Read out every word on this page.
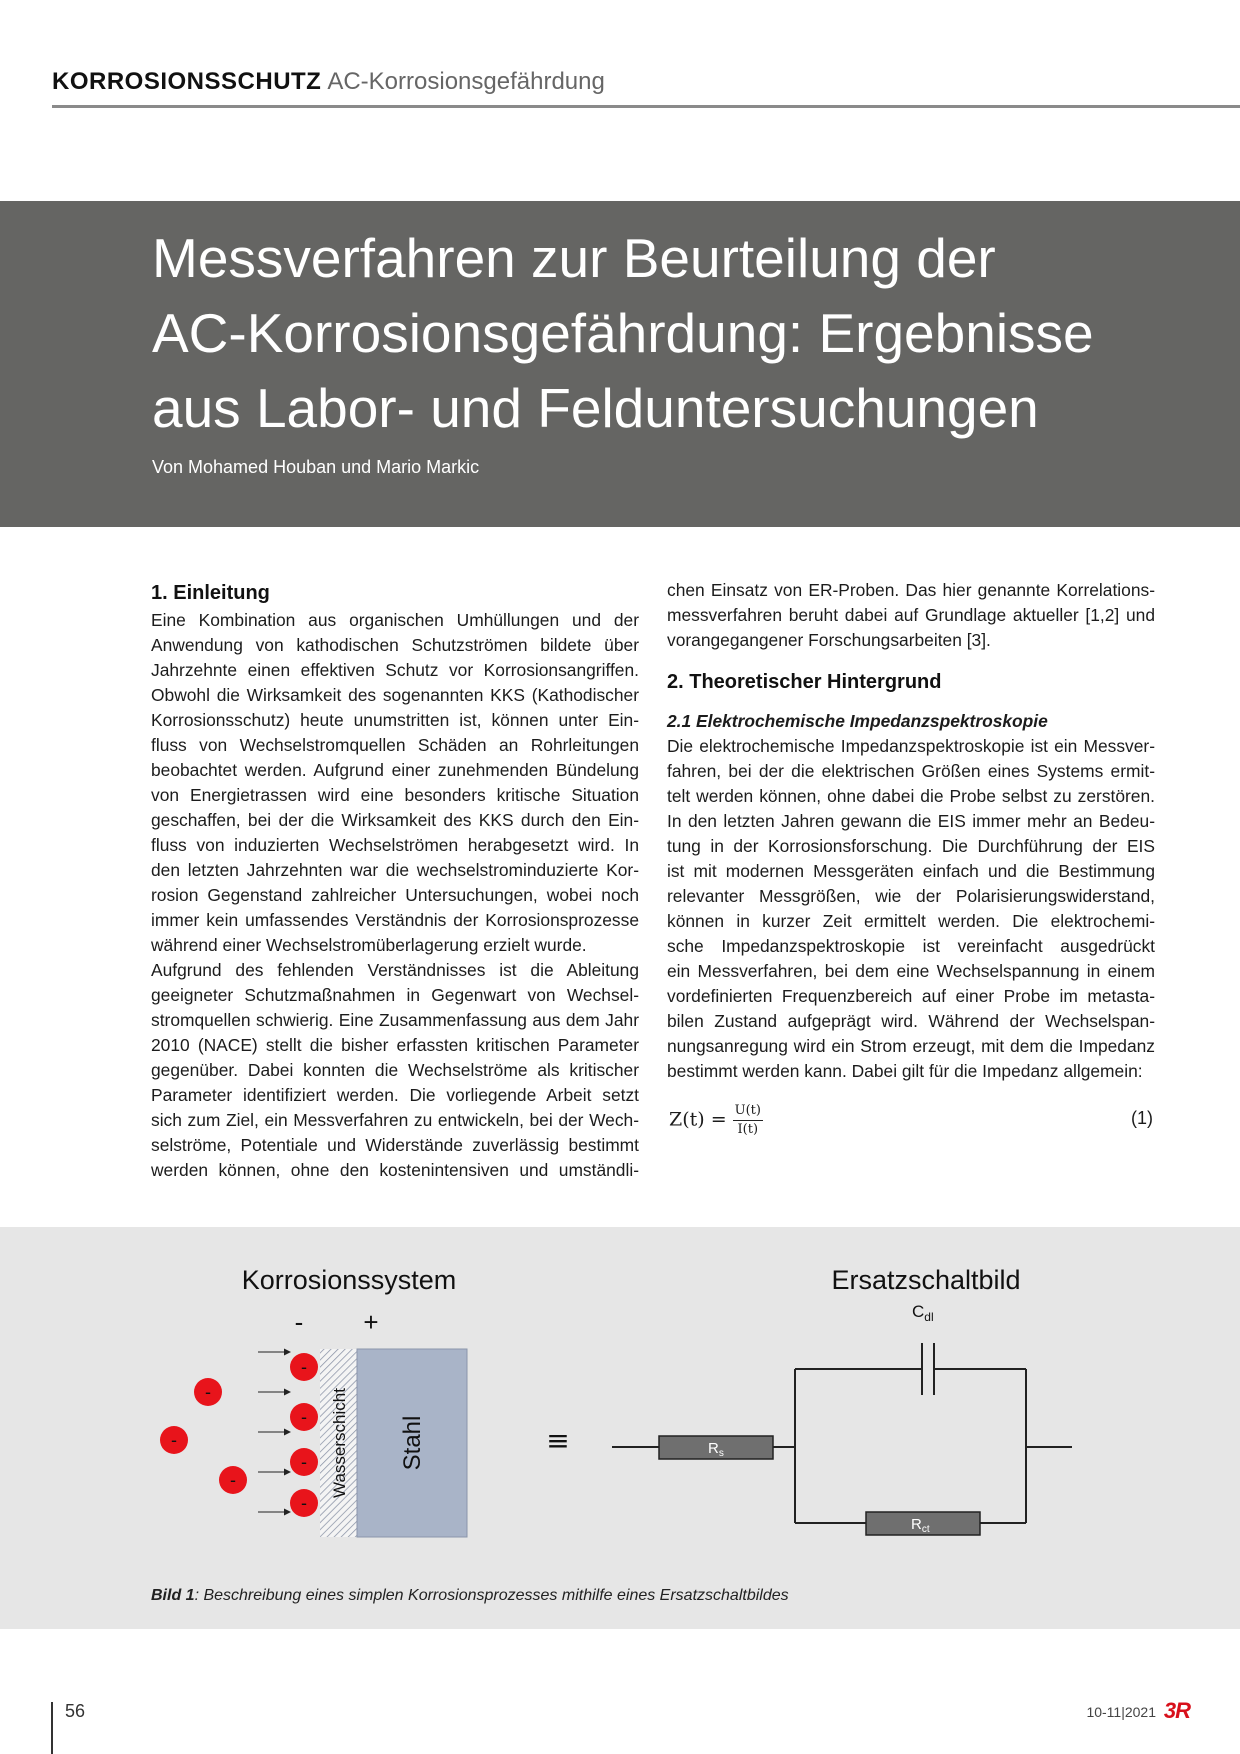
KORROSIONSSCHUTZ AC-Korrosionsgefährdung
Messverfahren zur Beurteilung der
AC-Korrosionsgefährdung: Ergebnisse
aus Labor- und Felduntersuchungen
Von Mohamed Houban und Mario Markic
1. Einleitung
Eine Kombination aus organischen Umhüllungen und der
Anwendung von kathodischen Schutzströmen bildete über
Jahrzehnte einen effektiven Schutz vor Korrosionsangriffen.
Obwohl die Wirksamkeit des sogenannten KKS (Kathodischer
Korrosionsschutz) heute unumstritten ist, können unter Ein-
fluss von Wechselstromquellen Schäden an Rohrleitungen
beobachtet werden. Aufgrund einer zunehmenden Bündelung
von Energietrassen wird eine besonders kritische Situation
geschaffen, bei der die Wirksamkeit des KKS durch den Ein-
fluss von induzierten Wechselströmen herabgesetzt wird. In
den letzten Jahrzehnten war die wechselstrominduzierte Kor-
rosion Gegenstand zahlreicher Untersuchungen, wobei noch
immer kein umfassendes Verständnis der Korrosionsprozesse
während einer Wechselstromüberlagerung erzielt wurde.
Aufgrund des fehlenden Verständnisses ist die Ableitung
geeigneter Schutzmaßnahmen in Gegenwart von Wechsel-
stromquellen schwierig. Eine Zusammenfassung aus dem Jahr
2010 (NACE) stellt die bisher erfassten kritischen Parameter
gegenüber. Dabei konnten die Wechselströme als kritischer
Parameter identifiziert werden. Die vorliegende Arbeit setzt
sich zum Ziel, ein Messverfahren zu entwickeln, bei der Wech-
selströme, Potentiale und Widerstände zuverlässig bestimmt
werden können, ohne den kostenintensiven und umständli-
chen Einsatz von ER-Proben. Das hier genannte Korrelations-
messverfahren beruht dabei auf Grundlage aktueller [1,2] und
vorangegangener Forschungsarbeiten [3].
2. Theoretischer Hintergrund
2.1 Elektrochemische Impedanzspektroskopie
Die elektrochemische Impedanzspektroskopie ist ein Messver-
fahren, bei der die elektrischen Größen eines Systems ermit-
telt werden können, ohne dabei die Probe selbst zu zerstören.
In den letzten Jahren gewann die EIS immer mehr an Bedeu-
tung in der Korrosionsforschung. Die Durchführung der EIS
ist mit modernen Messgeräten einfach und die Bestimmung
relevanter Messgrößen, wie der Polarisierungswiderstand,
können in kurzer Zeit ermittelt werden. Die elektrochemi-
sche Impedanzspektroskopie ist vereinfacht ausgedrückt
ein Messverfahren, bei dem eine Wechselspannung in einem
vordefinierten Frequenzbereich auf einer Probe im metasta-
bilen Zustand aufgeprägt wird. Während der Wechselspan-
nungsanregung wird ein Strom erzeugt, mit dem die Impedanz
bestimmt werden kann. Dabei gilt für die Impedanz allgemein:
$Z(t) = \frac{U(t)}{I(t)}$	(1)
Korrosionssystem
- +
Wasserschicht Stahl
-
-
-
-
-
-
-
≡
Ersatzschaltbild
$C_{dl}$
$R_s$
$R_{ct}$
Bild 1: Beschreibung eines simplen Korrosionsprozesses mithilfe eines Ersatzschaltbildes
56	10-11|2021 3R
